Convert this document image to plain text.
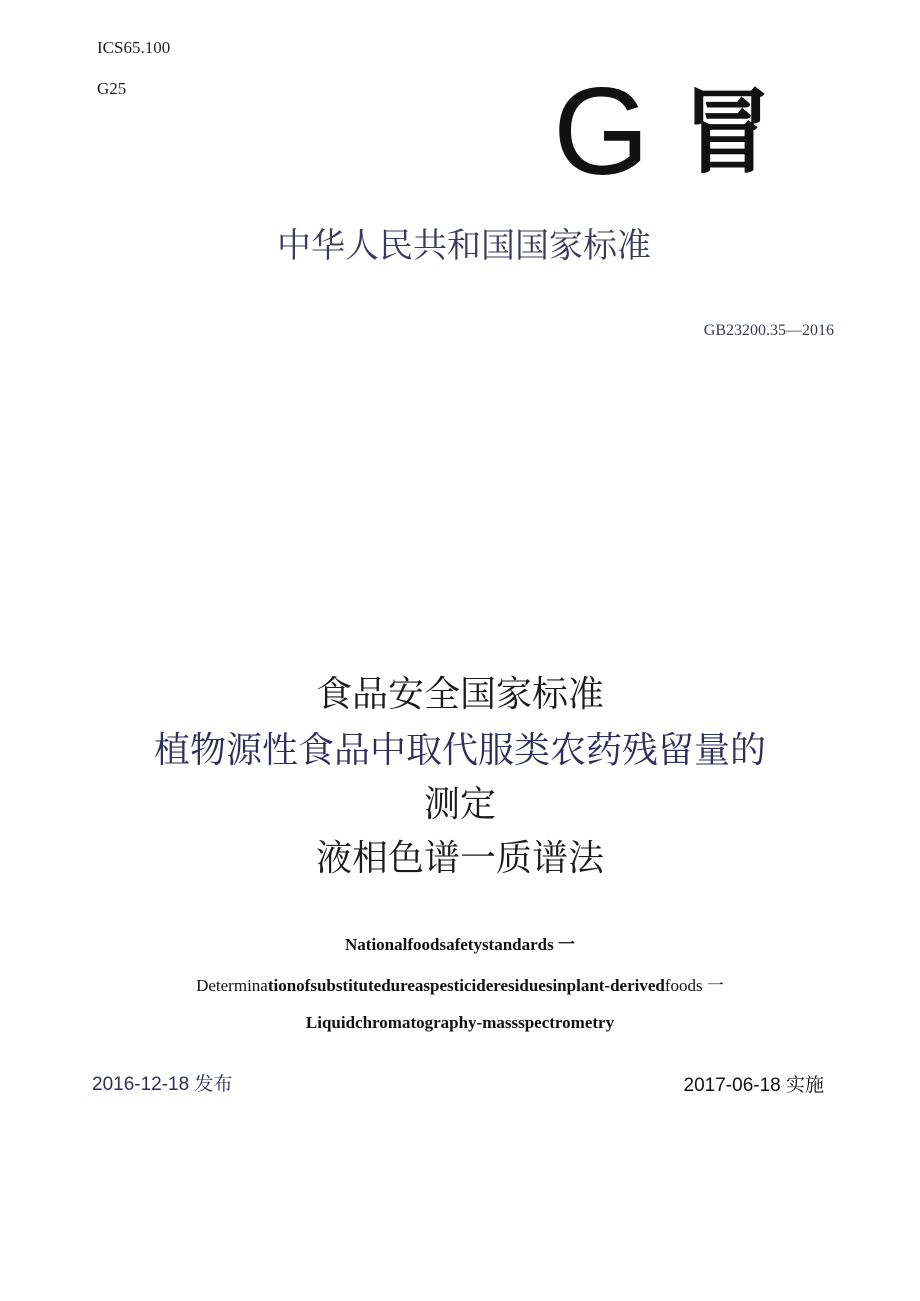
ICS65.100
G25	G 冒
中华人民共和国国家标准
GB23200.35—2016
食品安全国家标准
植物源性食品中取代服类农药残留量的
测定
液相色谱一质谱法
Nationalfoodsafetystandards 一
Determinationofsubstitutedureaspesticideresiduesinplant-derivedfoods 一
Liquidchromatography-massspectrometry
2016-12-18 发布	2017-06-18 实施
